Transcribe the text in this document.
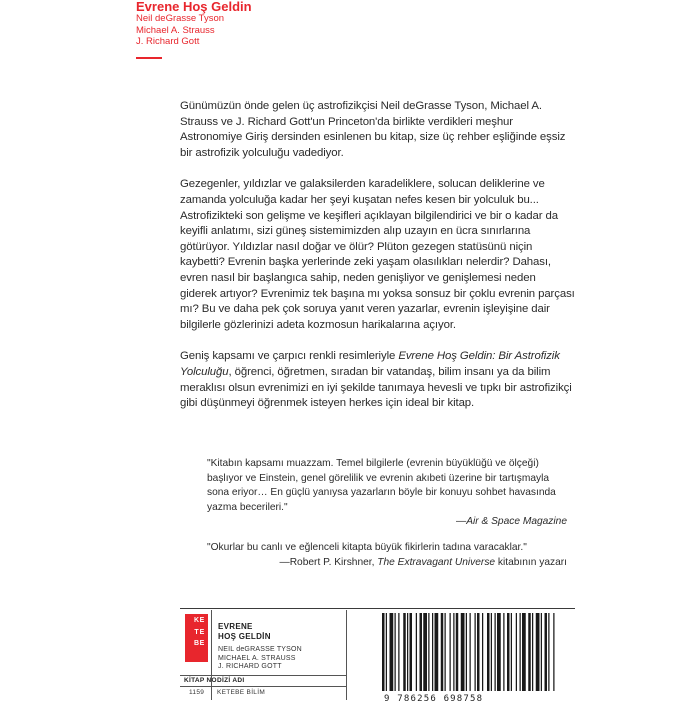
Evrene Hoş Geldin

Neil deGrasse Tyson

Michael A. Strauss

J. Richard Gott

Günümüzün önde gelen üç astrofizikçisi Neil deGrasse Tyson, Michael A. Strauss ve J. Richard Gott'un Princeton'da birlikte verdikleri meşhur Astronomiye Giriş dersinden esinlenen bu kitap, size üç rehber eşliğinde eşsiz bir astrofizik yolculuğu vadediyor.

Gezegenler, yıldızlar ve galaksilerden karadeliklere, solucan deliklerine ve zamanda yolculuğa kadar her şeyi kuşatan nefes kesen bir yolculuk bu... Astrofizikteki son gelişme ve keşifleri açıklayan bilgilendirici ve bir o kadar da keyifli anlatımı, sizi güneş sistemimizden alıp uzayın en ücra sınırlarına götürüyor. Yıldızlar nasıl doğar ve ölür? Plüton gezegen statüsünü niçin kaybetti? Evrenin başka yerlerinde zeki yaşam olasılıkları nelerdir? Dahası, evren nasıl bir başlangıca sahip, neden genişliyor ve genişlemesi neden giderek artıyor? Evrenimiz tek başına mı yoksa sonsuz bir çoklu evrenin parçası mı? Bu ve daha pek çok soruya yanıt veren yazarlar, evrenin işleyişine dair bilgilerle gözlerinizi adeta kozmosun harikalarına açıyor.

Geniş kapsamı ve çarpıcı renkli resimleriyle Evrene Hoş Geldin: Bir Astrofizik Yolculuğu, öğrenci, öğretmen, sıradan bir vatandaş, bilim insanı ya da bilim meraklısı olsun evrenimizi en iyi şekilde tanımaya hevesli ve tıpkı bir astrofizikçi gibi düşünmeyi öğrenmek isteyen herkes için ideal bir kitap.

"Kitabın kapsamı muazzam. Temel bilgilerle (evrenin büyüklüğü ve ölçeği) başlıyor ve Einstein, genel görelilik ve evrenin akıbeti üzerine bir tartışmayla sona eriyor… En güçlü yanıysa yazarların böyle bir konuyu sohbet havasında yazma becerileri."
—Air & Space Magazine
"Okurlar bu canlı ve eğlenceli kitapta büyük fikirlerin tadına varacaklar."
—Robert P. Kirshner, The Extravagant Universe kitabının yazarı
K E
T E
B E
EVRENE
HOŞ GELDİN
NEIL deGRASSE TYSON
MICHAEL A. STRAUSS
J. RICHARD GOTT
KİTAP NO DİZİ ADI
1159 KETEBE BİLİM
9 786256 698758
